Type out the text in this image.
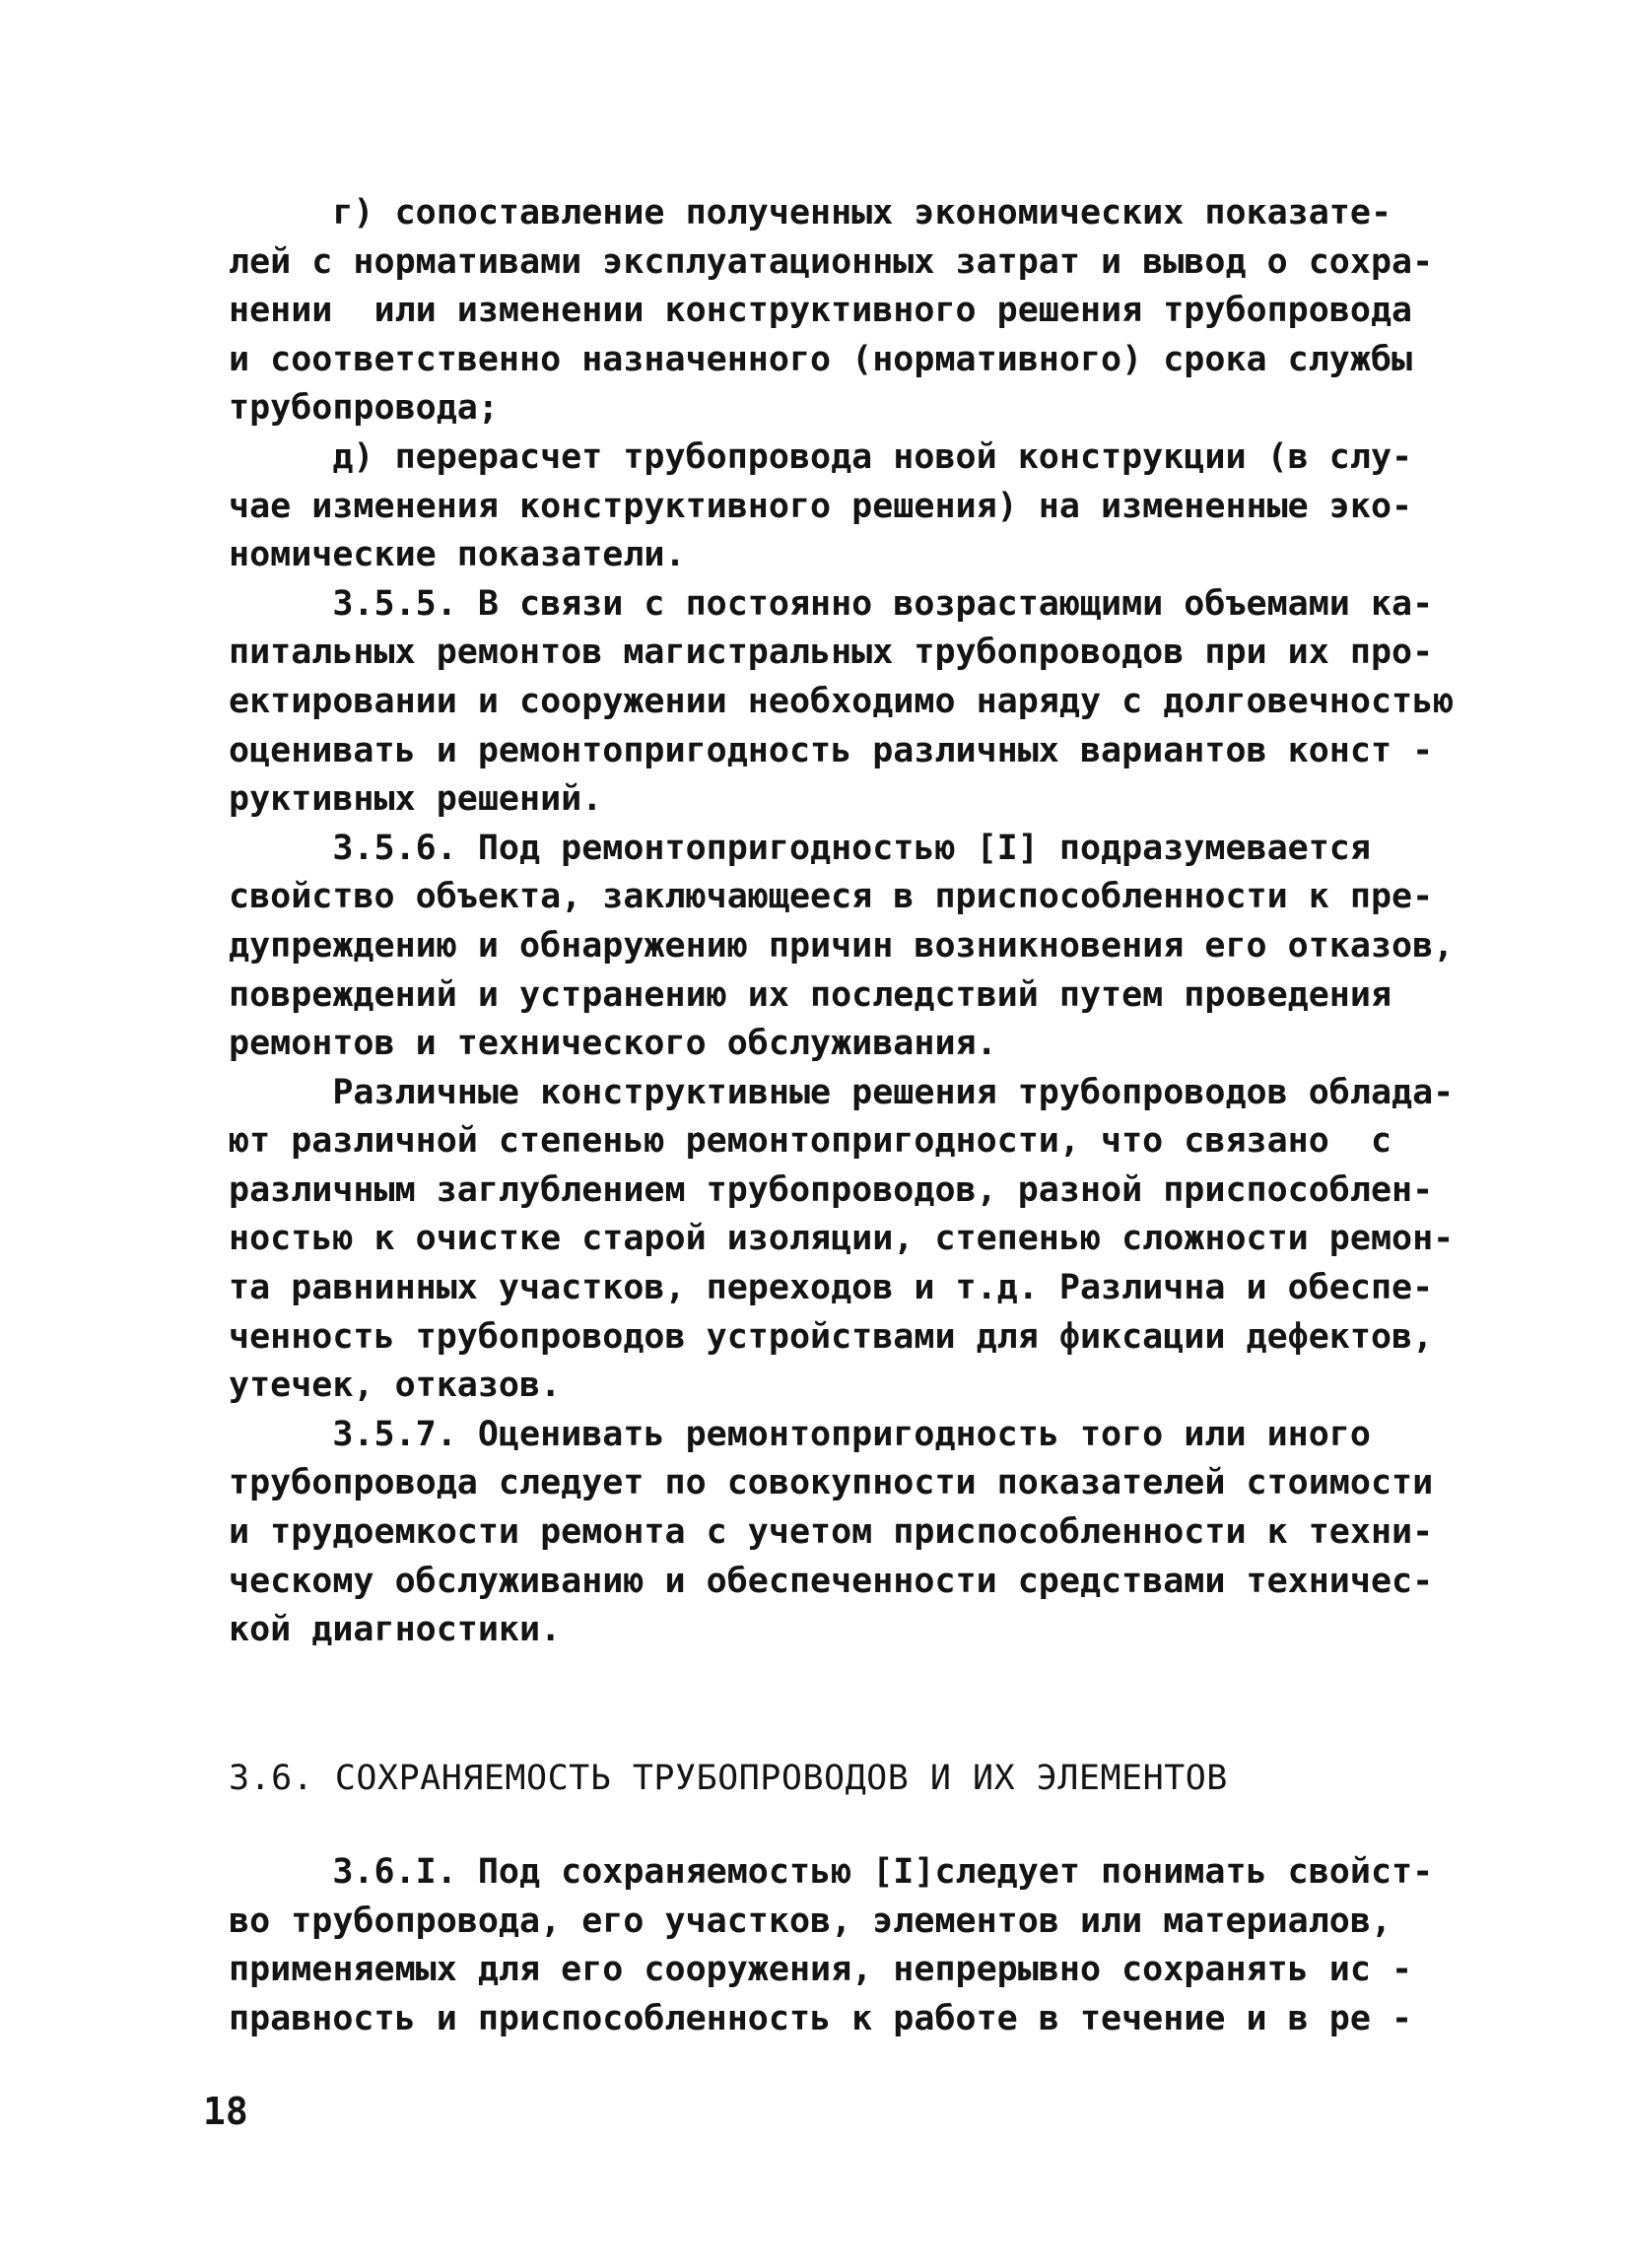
г) сопоставление полученных экономических показате-
лей с нормативами эксплуатационных затрат и вывод о сохра-
нении  или изменении конструктивного решения трубопровода
и соответственно назначенного (нормативного) срока службы
трубопровода;

д) перерасчет трубопровода новой конструкции (в слу-
чае изменения конструктивного решения) на измененные эко-
номические показатели.

3.5.5. В связи с постоянно возрастающими объемами ка-
питальных ремонтов магистральных трубопроводов при их про-
ектировании и сооружении необходимо наряду с долговечностью
оценивать и ремонтопригодность различных вариантов конст -
руктивных решений.

3.5.6. Под ремонтопригодностью [I] подразумевается
свойство объекта, заключающееся в приспособленности к пре-
дупреждению и обнаружению причин возникновения его отказов,
повреждений и устранению их последствий путем проведения
ремонтов и технического обслуживания.

Различные конструктивные решения трубопроводов облада-
ют различной степенью ремонтопригодности, что связано  с
различным заглублением трубопроводов, разной приспособлен-
ностью к очистке старой изоляции, степенью сложности ремон-
та равнинных участков, переходов и т.д. Различна и обеспе-
ченность трубопроводов устройствами для фиксации дефектов,
утечек, отказов.

3.5.7. Оценивать ремонтопригодность того или иного
трубопровода следует по совокупности показателей стоимости
и трудоемкости ремонта с учетом приспособленности к техни-
ческому обслуживанию и обеспеченности средствами техничес-
кой диагностики.

3.6. СОХРАНЯЕМОСТЬ ТРУБОПРОВОДОВ И ИХ ЭЛЕМЕНТОВ

3.6.I. Под сохраняемостью [I]следует понимать свойст-
во трубопровода, его участков, элементов или материалов,
применяемых для его сооружения, непрерывно сохранять ис -
правность и приспособленность к работе в течение и в ре -

18
